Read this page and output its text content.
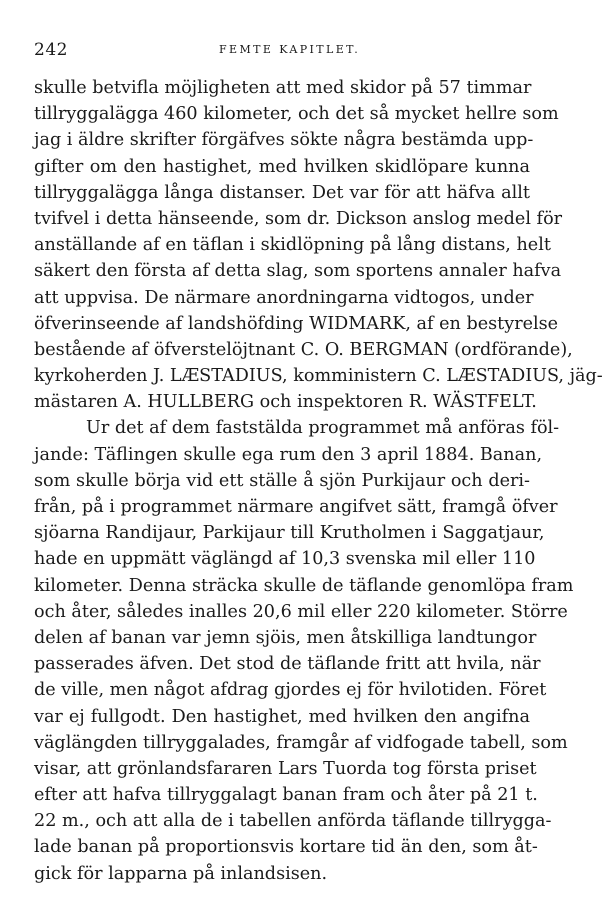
242	FEMTE KAPITLET.
skulle betvifla möjligheten att med skidor på 57 timmar
tillryggalägga 460 kilometer, och det så mycket hellre som
jag i äldre skrifter förgäfves sökte några bestämda upp-
gifter om den hastighet, med hvilken skidlöpare kunna
tillryggalägga långa distanser. Det var för att häfva allt
tvifvel i detta hänseende, som dr. Dickson anslog medel för
anställande af en täflan i skidlöpning på lång distans, helt
säkert den första af detta slag, som sportens annaler hafva
att uppvisa. De närmare anordningarna vidtogos, under
öfverinseende af landshöfding WIDMARK, af en bestyrelse
bestående af öfverstelöjtnant C. O. BERGMAN (ordförande),
kyrkoherden J. LÆSTADIUS, komministern C. LÆSTADIUS, jäg-
mästaren A. HULLBERG och inspektoren R. WÄSTFELT.
Ur det af dem faststälda programmet må anföras föl-
jande: Täflingen skulle ega rum den 3 april 1884. Banan,
som skulle börja vid ett ställe å sjön Purkijaur och deri-
från, på i programmet närmare angifvet sätt, framgå öfver
sjöarna Randijaur, Parkijaur till Krutholmen i Saggatjaur,
hade en uppmätt väglängd af 10,3 svenska mil eller 110
kilometer. Denna sträcka skulle de täflande genomlöpa fram
och åter, således inalles 20,6 mil eller 220 kilometer. Större
delen af banan var jemn sjöis, men åtskilliga landtungor
passerades äfven. Det stod de täflande fritt att hvila, när
de ville, men något afdrag gjordes ej för hvilotiden. Föret
var ej fullgodt. Den hastighet, med hvilken den angifna
väglängden tillryggalades, framgår af vidfogade tabell, som
visar, att grönlandsfararen Lars Tuorda tog första priset
efter att hafva tillryggalagt banan fram och åter på 21 t.
22 m., och att alla de i tabellen anförda täflande tillrygga-
lade banan på proportionsvis kortare tid än den, som åt-
gick för lapparna på inlandsisen.
